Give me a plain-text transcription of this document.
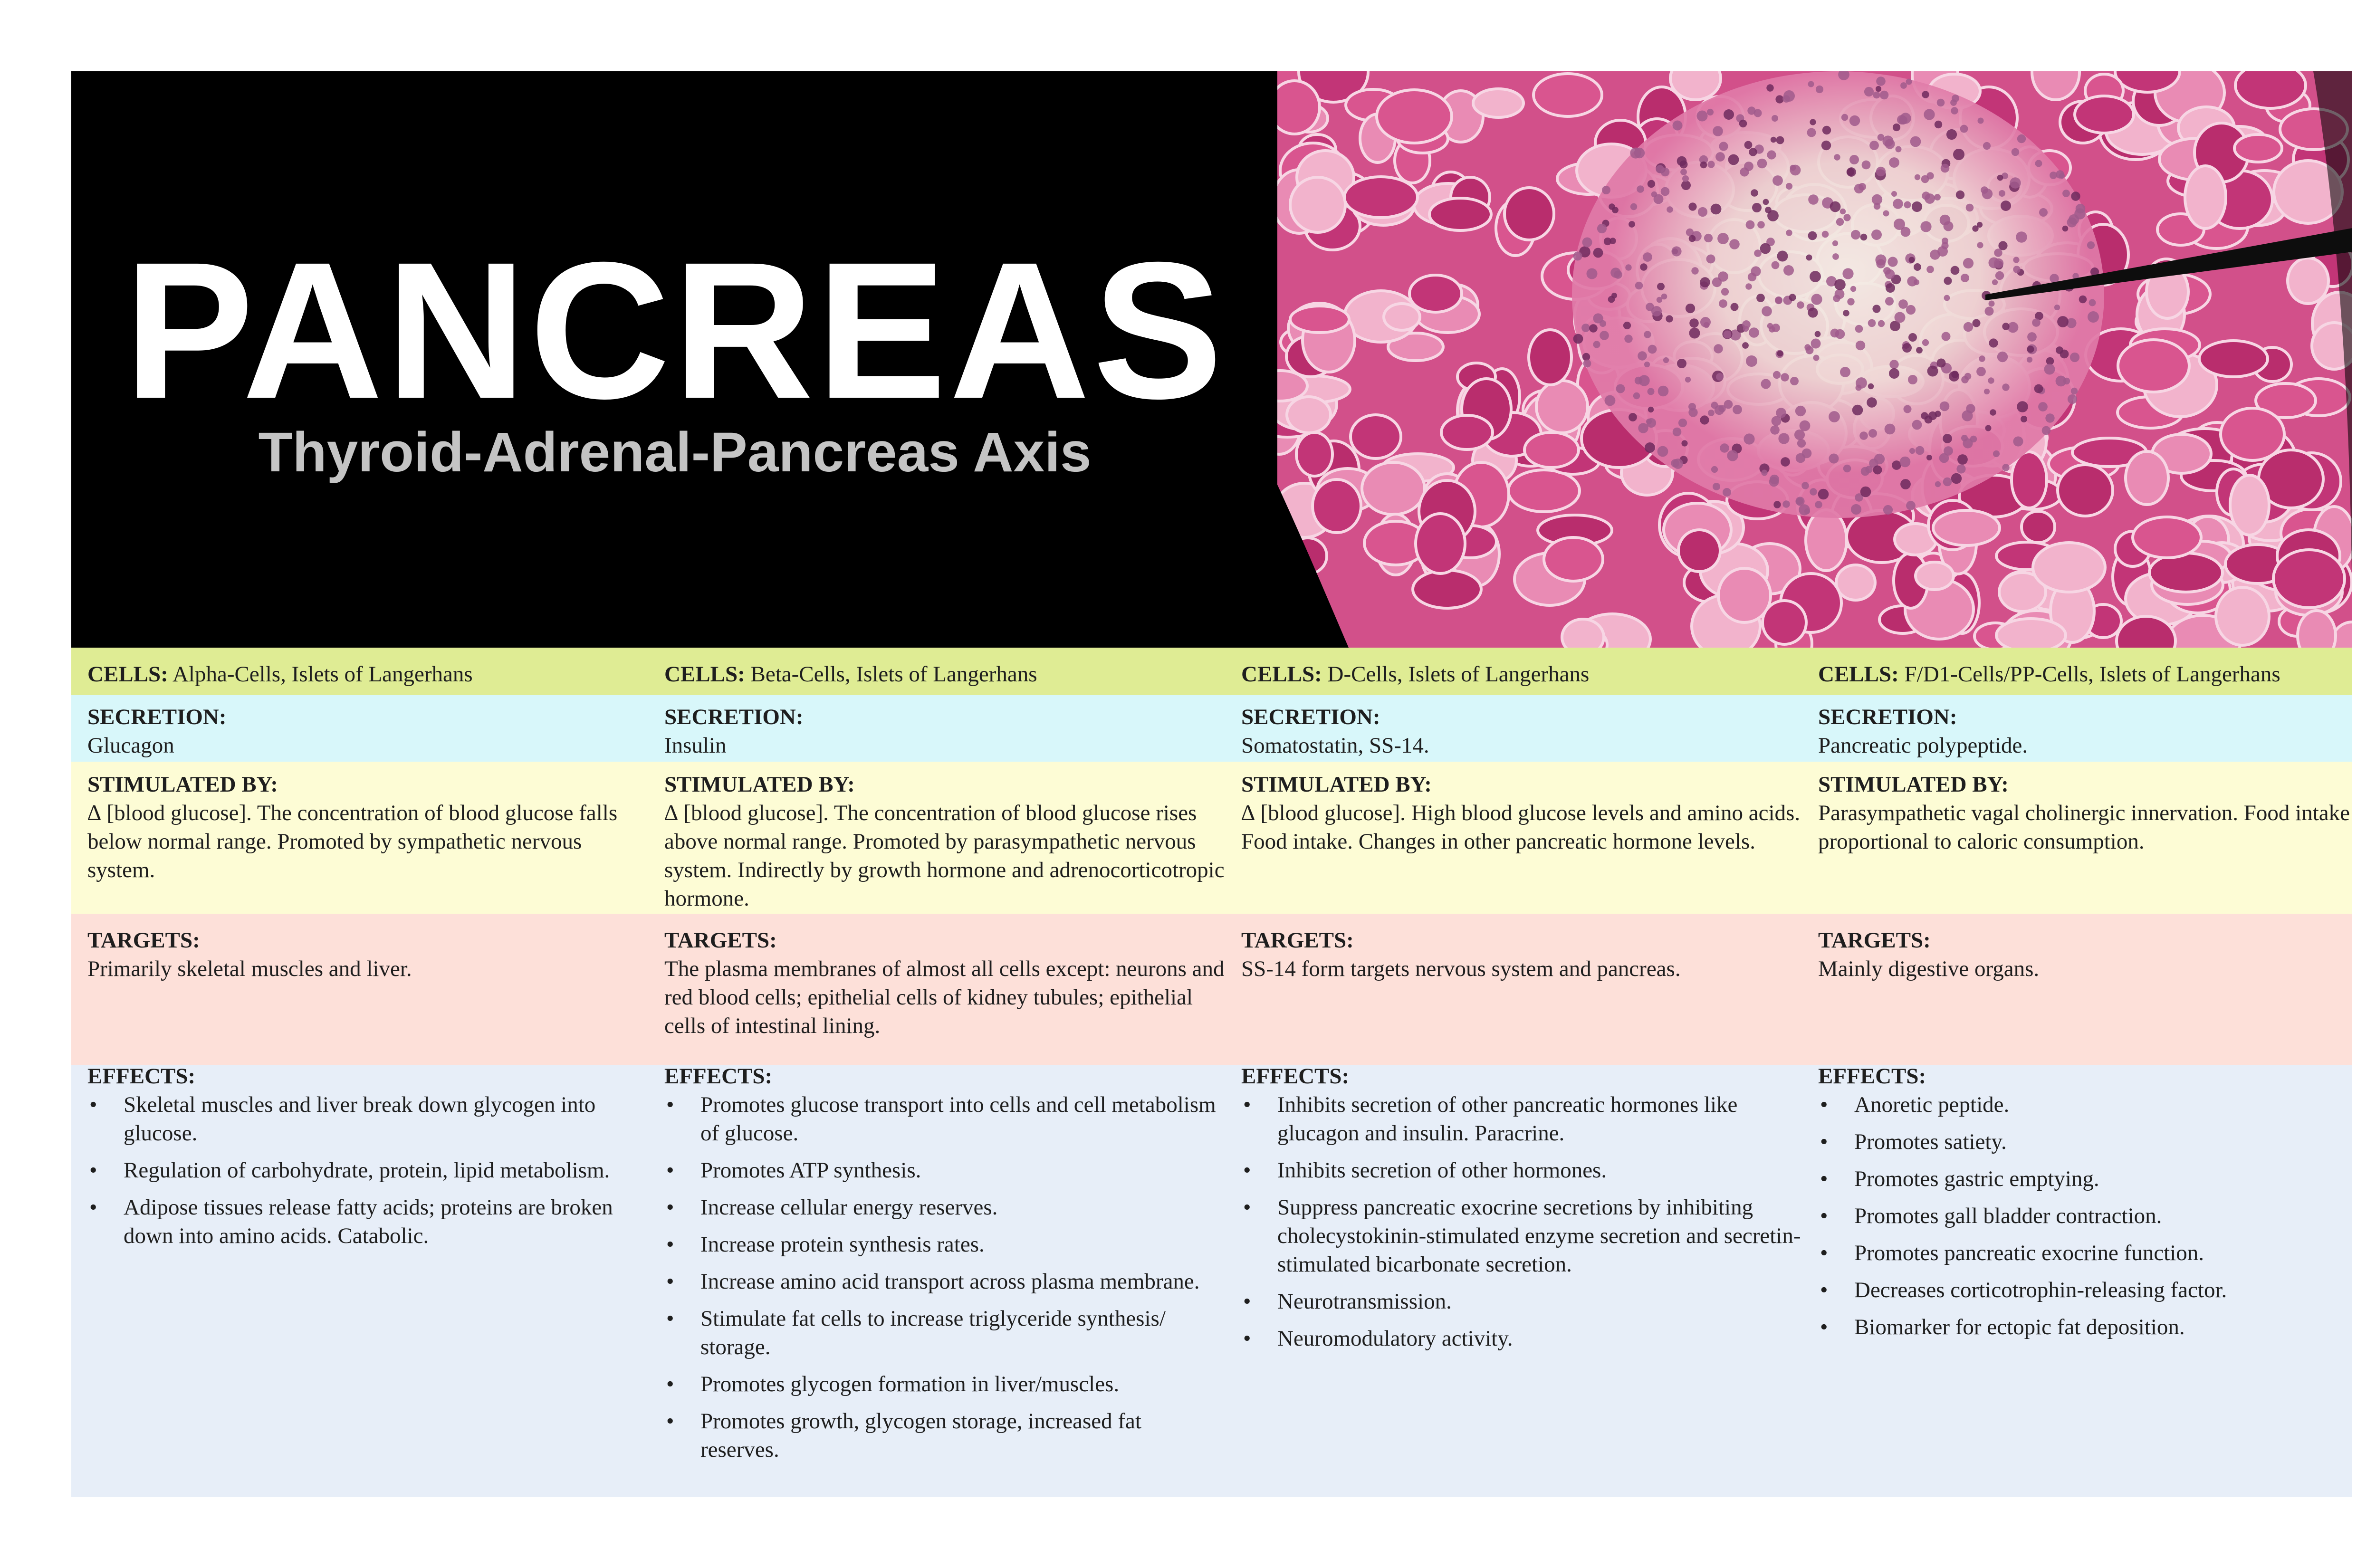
PANCREAS
Thyroid-Adrenal-Pancreas Axis
CELLS: Alpha-Cells, Islets of Langerhans
SECRETION:
Glucagon
STIMULATED BY:
∆ [blood glucose]. The concentration of blood glucose falls below normal range. Promoted by sympathetic nervous system.
TARGETS:
Primarily skeletal muscles and liver.
EFFECTS:
• Skeletal muscles and liver break down glycogen into glucose.
• Regulation of carbohydrate, protein, lipid metabolism.
• Adipose tissues release fatty acids; proteins are broken down into amino acids. Catabolic.
CELLS: Beta-Cells, Islets of Langerhans
SECRETION:
Insulin
STIMULATED BY:
∆ [blood glucose]. The concentration of blood glucose rises above normal range. Promoted by parasympathetic nervous system. Indirectly by growth hormone and adrenocorticotropic hormone.
TARGETS:
The plasma membranes of almost all cells except: neurons and red blood cells; epithelial cells of kidney tubules; epithelial cells of intestinal lining.
EFFECTS:
• Promotes glucose transport into cells and cell metabolism of glucose.
• Promotes ATP synthesis.
• Increase cellular energy reserves.
• Increase protein synthesis rates.
• Increase amino acid transport across plasma membrane.
• Stimulate fat cells to increase triglyceride synthesis/ storage.
• Promotes glycogen formation in liver/muscles.
• Promotes growth, glycogen storage, increased fat reserves.
CELLS: D-Cells, Islets of Langerhans
SECRETION:
Somatostatin, SS-14.
STIMULATED BY:
∆ [blood glucose]. High blood glucose levels and amino acids. Food intake. Changes in other pancreatic hormone levels.
TARGETS:
SS-14 form targets nervous system and pancreas.
EFFECTS:
• Inhibits secretion of other pancreatic hormones like glucagon and insulin. Paracrine.
• Inhibits secretion of other hormones.
• Suppress pancreatic exocrine secretions by inhibiting cholecystokinin-stimulated enzyme secretion and secretin-stimulated bicarbonate secretion.
• Neurotransmission.
• Neuromodulatory activity.
CELLS: F/D1-Cells/PP-Cells, Islets of Langerhans
SECRETION:
Pancreatic polypeptide.
STIMULATED BY:
Parasympathetic vagal cholinergic innervation. Food intake proportional to caloric consumption.
TARGETS:
Mainly digestive organs.
EFFECTS:
• Anoretic peptide.
• Promotes satiety.
• Promotes gastric emptying.
• Promotes gall bladder contraction.
• Promotes pancreatic exocrine function.
• Decreases corticotrophin-releasing factor.
• Biomarker for ectopic fat deposition.
